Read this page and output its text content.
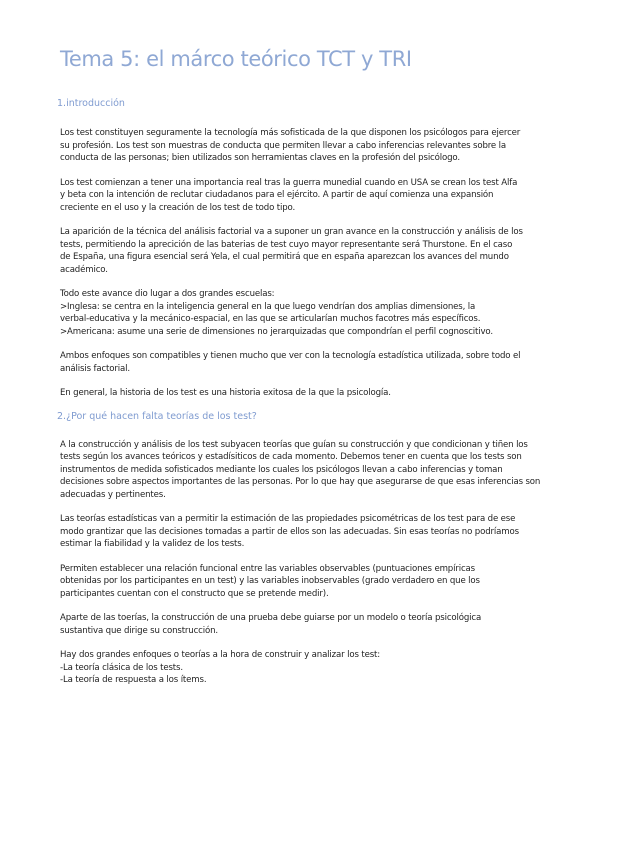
Tema 5: el márco teórico TCT y TRI
1.introducción
Los test constituyen seguramente la tecnología más sofisticada de la que disponen los psicólogos para ejercer
su profesión. Los test son muestras de conducta que permiten llevar a cabo inferencias relevantes sobre la
conducta de las personas; bien utilizados son herramientas claves en la profesión del psicólogo.
Los test comienzan a tener una importancia real tras la guerra munedial cuando en USA se crean los test Alfa
y beta con la intención de reclutar ciudadanos para el ejército. A partir de aquí comienza una expansión
creciente en el uso y la creación de los test de todo tipo.
La aparición de la técnica del análisis factorial va a suponer un gran avance en la construcción y análisis de los
tests, permitiendo la aprecición de las baterias de test cuyo mayor representante será Thurstone. En el caso
de España, una figura esencial será Yela, el cual permitirá que en españa aparezcan los avances del mundo
académico.
Todo este avance dio lugar a dos grandes escuelas:
>Inglesa: se centra en la inteligencia general en la que luego vendrían dos amplias dimensiones, la
verbal-educativa y la mecánico-espacial, en las que se articularían muchos facotres más específicos.
>Americana: asume una serie de dimensiones no jerarquizadas que compondrían el perfil cognoscitivo.
Ambos enfoques son compatibles y tienen mucho que ver con la tecnología estadística utilizada, sobre todo el
análisis factorial.
En general, la historia de los test es una historia exitosa de la que la psicología.
2.¿Por qué hacen falta teorías de los test?
A la construcción y análisis de los test subyacen teorías que guían su construcción y que condicionan y tiñen los
tests según los avances teóricos y estadísiticos de cada momento. Debemos tener en cuenta que los tests son
instrumentos de medida sofisticados mediante los cuales los psicólogos llevan a cabo inferencias y toman
decisiones sobre aspectos importantes de las personas. Por lo que hay que asegurarse de que esas inferencias son
adecuadas y pertinentes.
Las teorías estadísticas van a permitir la estimación de las propiedades psicométricas de los test para de ese
modo grantizar que las decisiones tomadas a partir de ellos son las adecuadas. Sin esas teorías no podríamos
estimar la fiabilidad y la validez de los tests.
Permiten establecer una relación funcional entre las variables observables (puntuaciones empíricas
obtenidas por los participantes en un test) y las variables inobservables (grado verdadero en que los
participantes cuentan con el constructo que se pretende medir).
Aparte de las toerías, la construcción de una prueba debe guiarse por un modelo o teoría psicológica
sustantiva que dirige su construcción.
Hay dos grandes enfoques o teorías a la hora de construir y analizar los test:
-La teoría clásica de los tests.
-La teoría de respuesta a los ítems.
